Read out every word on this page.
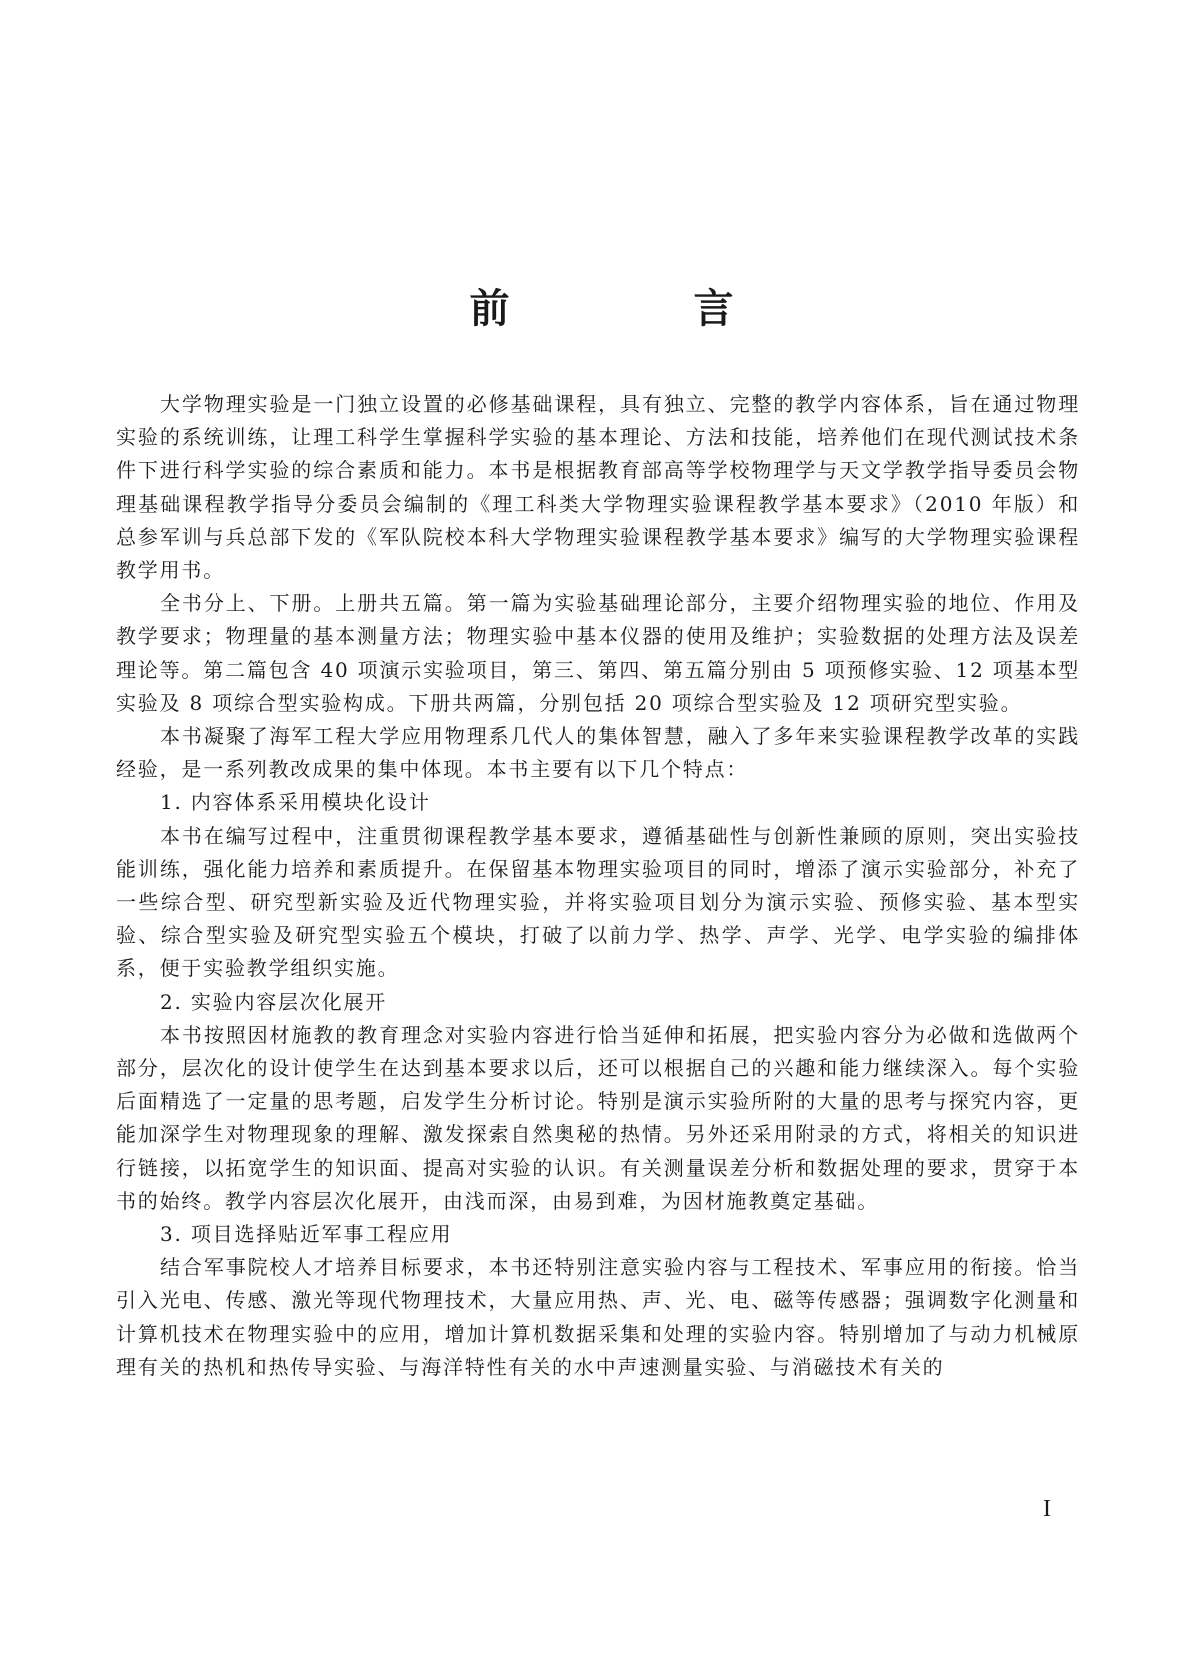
前　言

大学物理实验是一门独立设置的必修基础课程，具有独立、完整的教学内容体系，旨在通过物理实验的系统训练，让理工科学生掌握科学实验的基本理论、方法和技能，培养他们在现代测试技术条件下进行科学实验的综合素质和能力。本书是根据教育部高等学校物理学与天文学教学指导委员会物理基础课程教学指导分委员会编制的《理工科类大学物理实验课程教学基本要求》（2010 年版）和总参军训与兵总部下发的《军队院校本科大学物理实验课程教学基本要求》编写的大学物理实验课程教学用书。

全书分上、下册。上册共五篇。第一篇为实验基础理论部分，主要介绍物理实验的地位、作用及教学要求；物理量的基本测量方法；物理实验中基本仪器的使用及维护；实验数据的处理方法及误差理论等。第二篇包含 40 项演示实验项目，第三、第四、第五篇分别由 5 项预修实验、12 项基本型实验及 8 项综合型实验构成。下册共两篇，分别包括 20 项综合型实验及 12 项研究型实验。

本书凝聚了海军工程大学应用物理系几代人的集体智慧，融入了多年来实验课程教学改革的实践经验，是一系列教改成果的集中体现。本书主要有以下几个特点：

1. 内容体系采用模块化设计

本书在编写过程中，注重贯彻课程教学基本要求，遵循基础性与创新性兼顾的原则，突出实验技能训练，强化能力培养和素质提升。在保留基本物理实验项目的同时，增添了演示实验部分，补充了一些综合型、研究型新实验及近代物理实验，并将实验项目划分为演示实验、预修实验、基本型实验、综合型实验及研究型实验五个模块，打破了以前力学、热学、声学、光学、电学实验的编排体系，便于实验教学组织实施。

2. 实验内容层次化展开

本书按照因材施教的教育理念对实验内容进行恰当延伸和拓展，把实验内容分为必做和选做两个部分，层次化的设计使学生在达到基本要求以后，还可以根据自己的兴趣和能力继续深入。每个实验后面精选了一定量的思考题，启发学生分析讨论。特别是演示实验所附的大量的思考与探究内容，更能加深学生对物理现象的理解、激发探索自然奥秘的热情。另外还采用附录的方式，将相关的知识进行链接，以拓宽学生的知识面、提高对实验的认识。有关测量误差分析和数据处理的要求，贯穿于本书的始终。教学内容层次化展开，由浅而深，由易到难，为因材施教奠定基础。

3. 项目选择贴近军事工程应用

结合军事院校人才培养目标要求，本书还特别注意实验内容与工程技术、军事应用的衔接。恰当引入光电、传感、激光等现代物理技术，大量应用热、声、光、电、磁等传感器；强调数字化测量和计算机技术在物理实验中的应用，增加计算机数据采集和处理的实验内容。特别增加了与动力机械原理有关的热机和热传导实验、与海洋特性有关的水中声速测量实验、与消磁技术有关的

I
